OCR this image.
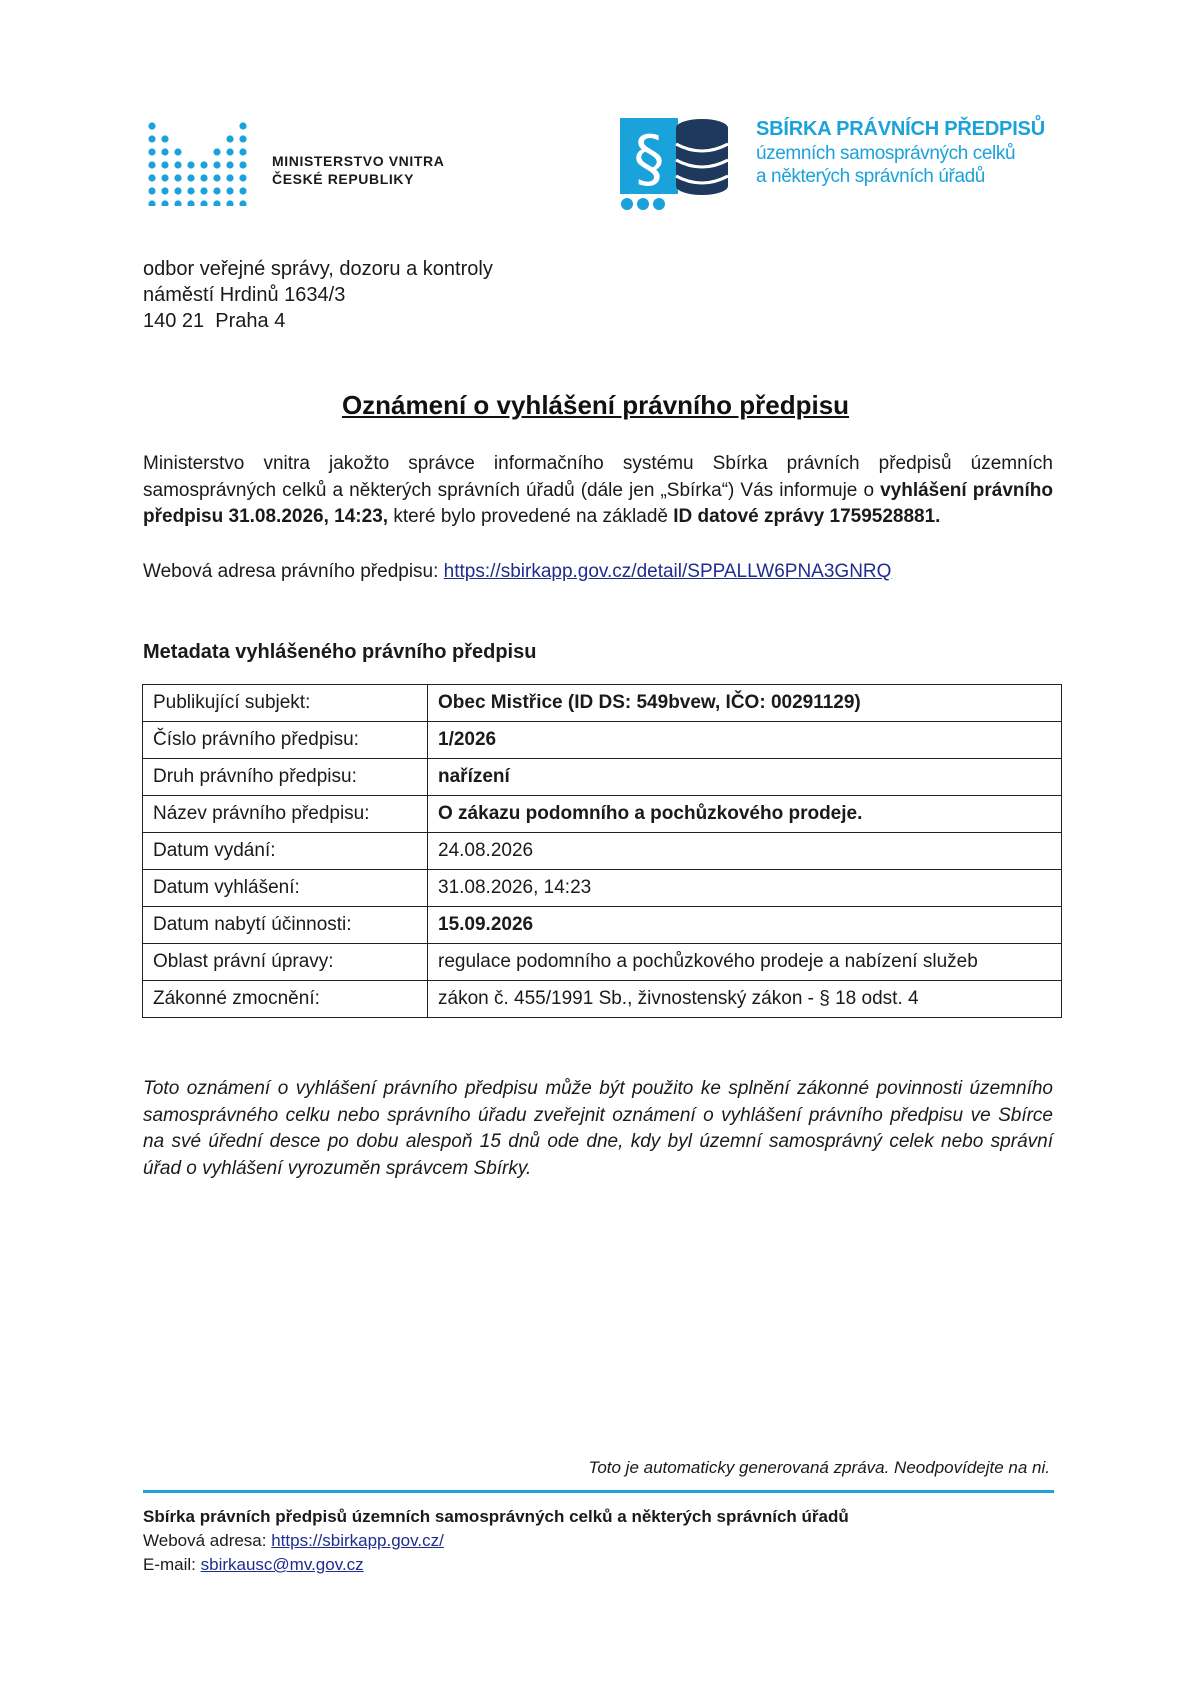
MINISTERSTVO VNITRA
ČESKÉ REPUBLIKY	§	SBÍRKA PRÁVNÍCH PŘEDPISŮ
územních samosprávných celků
a některých správních úřadů
odbor veřejné správy, dozoru a kontroly
náměstí Hrdinů 1634/3
140 21  Praha 4
Oznámení o vyhlášení právního předpisu
Ministerstvo vnitra jakožto správce informačního systému Sbírka právních předpisů územních samosprávných celků a některých správních úřadů (dále jen „Sbírka“) Vás informuje o vyhlášení právního předpisu 31.08.2026, 14:23, které bylo provedené na základě ID datové zprávy 1759528881.
Webová adresa právního předpisu: https://sbirkapp.gov.cz/detail/SPPALLW6PNA3GNRQ
Metadata vyhlášeného právního předpisu
Publikující subjekt:	Obec Mistřice (ID DS: 549bvew, IČO: 00291129)
Číslo právního předpisu:	1/2026
Druh právního předpisu:	nařízení
Název právního předpisu:	O zákazu podomního a pochůzkového prodeje.
Datum vydání:	24.08.2026
Datum vyhlášení:	31.08.2026, 14:23
Datum nabytí účinnosti:	15.09.2026
Oblast právní úpravy:	regulace podomního a pochůzkového prodeje a nabízení služeb
Zákonné zmocnění:	zákon č. 455/1991 Sb., živnostenský zákon - § 18 odst. 4
Toto oznámení o vyhlášení právního předpisu může být použito ke splnění zákonné povinnosti územního samosprávného celku nebo správního úřadu zveřejnit oznámení o vyhlášení právního předpisu ve Sbírce na své úřední desce po dobu alespoň 15 dnů ode dne, kdy byl územní samosprávný celek nebo správní úřad o vyhlášení vyrozuměn správcem Sbírky.
Toto je automaticky generovaná zpráva. Neodpovídejte na ni.
Sbírka právních předpisů územních samosprávných celků a některých správních úřadů
Webová adresa: https://sbirkapp.gov.cz/
E-mail: sbirkausc@mv.gov.cz
